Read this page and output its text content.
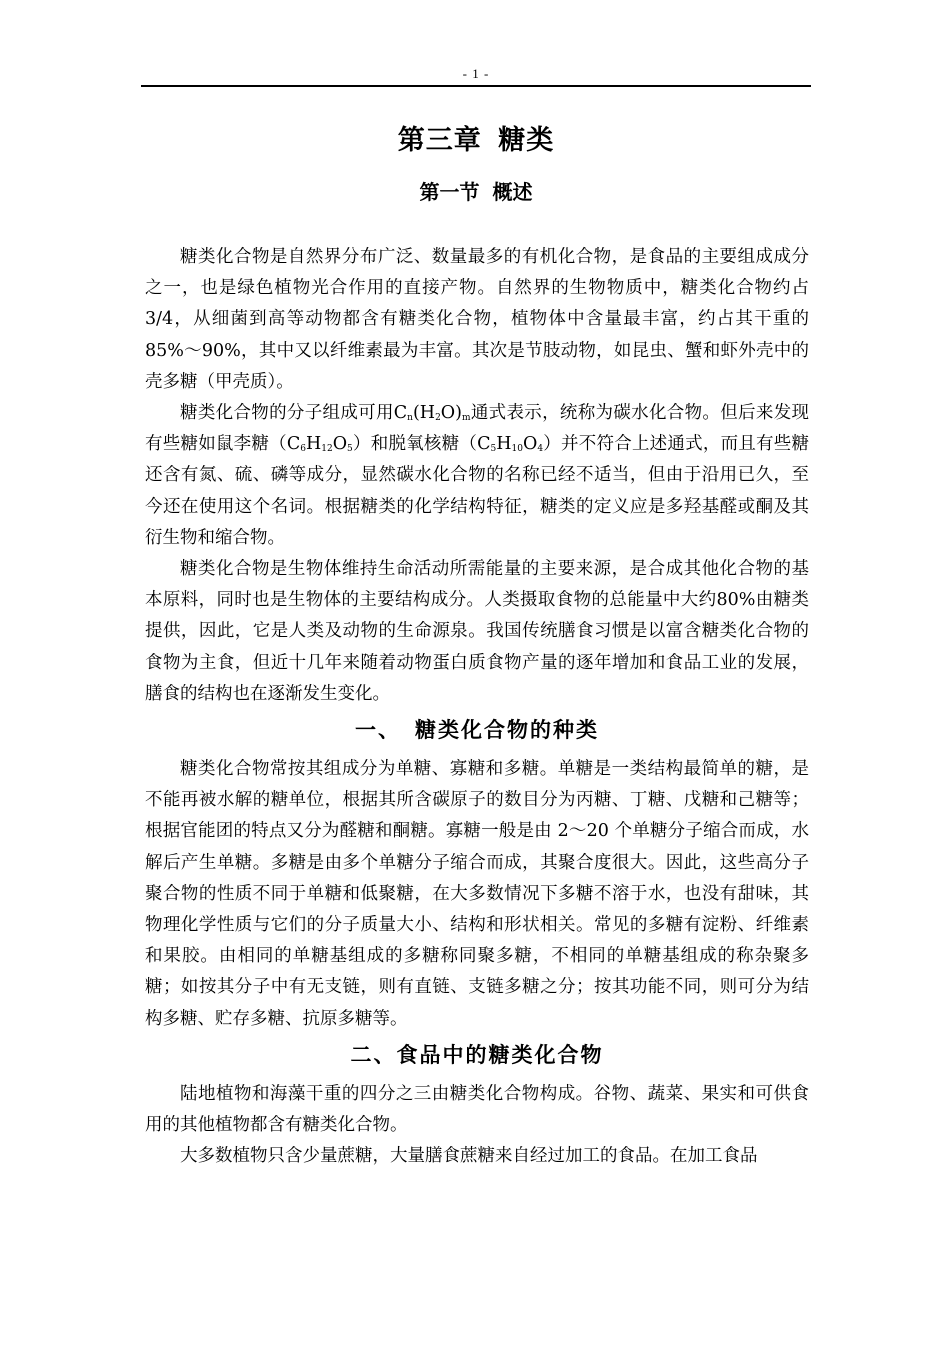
- 1 -
第三章 糖类
第一节 概述

糖类化合物是自然界分布广泛、数量最多的有机化合物，是食品的主要组成成分之一，也是绿色植物光合作用的直接产物。自然界的生物物质中，糖类化合物约占 3/4，从细菌到高等动物都含有糖类化合物，植物体中含量最丰富，约占其干重的 85%～90%，其中又以纤维素最为丰富。其次是节肢动物，如昆虫、蟹和虾外壳中的壳多糖（甲壳质）。

糖类化合物的分子组成可用$C_n(H_2O)_m$通式表示，统称为碳水化合物。但后来发现有些糖如鼠李糖$(C_6H_{12}O_5)$和脱氧核糖$(C_5H_{10}O_4)$并不符合上述通式，而且有些糖还含有氮、硫、磷等成分，显然碳水化合物的名称已经不适当，但由于沿用已久，至今还在使用这个名词。根据糖类的化学结构特征，糖类的定义应是多羟基醛或酮及其衍生物和缩合物。

糖类化合物是生物体维持生命活动所需能量的主要来源，是合成其他化合物的基本原料，同时也是生物体的主要结构成分。人类摄取食物的总能量中大约80%由糖类提供，因此，它是人类及动物的生命源泉。我国传统膳食习惯是以富含糖类化合物的食物为主食，但近十几年来随着动物蛋白质食物产量的逐年增加和食品工业的发展，膳食的结构也在逐渐发生变化。

一、 糖类化合物的种类

糖类化合物常按其组成分为单糖、寡糖和多糖。单糖是一类结构最简单的糖，是不能再被水解的糖单位，根据其所含碳原子的数目分为丙糖、丁糖、戊糖和己糖等；根据官能团的特点又分为醛糖和酮糖。寡糖一般是由 2～20 个单糖分子缩合而成，水解后产生单糖。多糖是由多个单糖分子缩合而成，其聚合度很大。因此，这些高分子聚合物的性质不同于单糖和低聚糖，在大多数情况下多糖不溶于水，也没有甜味，其物理化学性质与它们的分子质量大小、结构和形状相关。常见的多糖有淀粉、纤维素和果胶。由相同的单糖基组成的多糖称同聚多糖，不相同的单糖基组成的称杂聚多糖；如按其分子中有无支链，则有直链、支链多糖之分；按其功能不同，则可分为结构多糖、贮存多糖、抗原多糖等。

二、食品中的糖类化合物

陆地植物和海藻干重的四分之三由糖类化合物构成。谷物、蔬菜、果实和可供食用的其他植物都含有糖类化合物。

大多数植物只含少量蔗糖，大量膳食蔗糖来自经过加工的食品。在加工食品
